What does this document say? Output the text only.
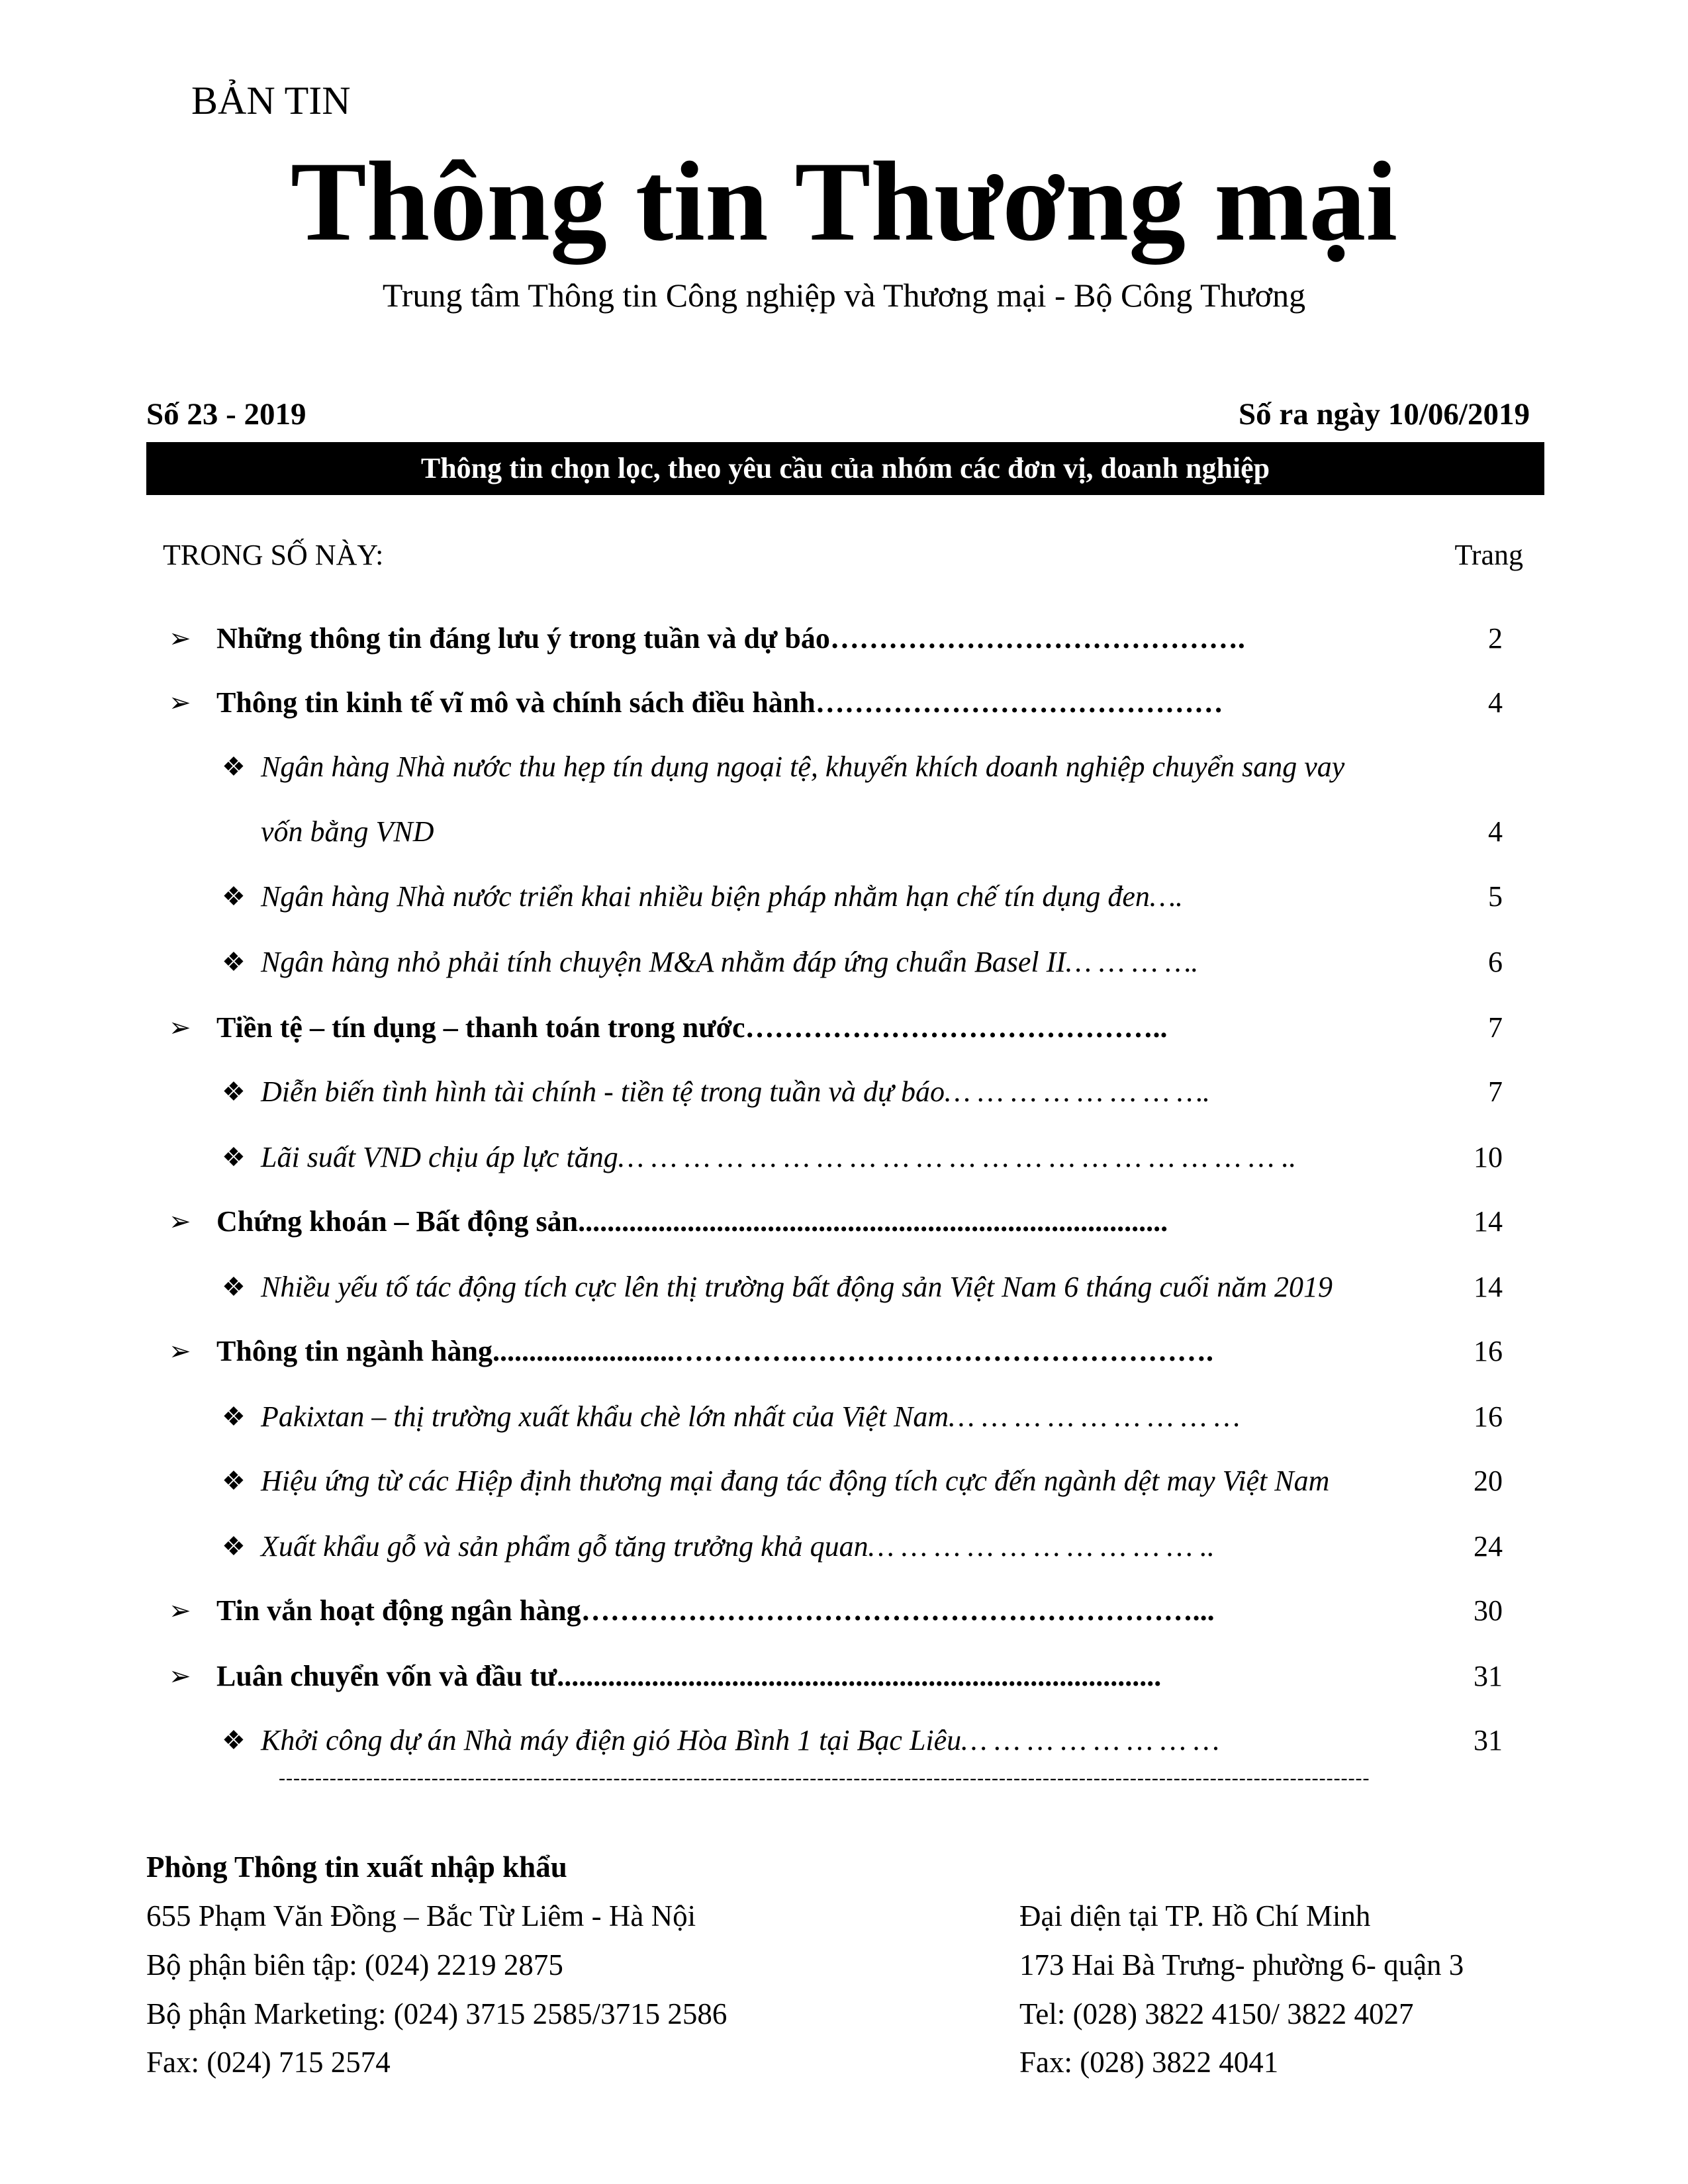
BẢN TIN
Thông tin Thương mại
Trung tâm Thông tin Công nghiệp và Thương mại - Bộ Công Thương
Số 23 - 2019	Số ra ngày 10/06/2019
Thông tin chọn lọc, theo yêu cầu của nhóm các đơn vị, doanh nghiệp
TRONG SỐ NÀY:	Trang
➢ Những thông tin đáng lưu ý trong tuần và dự báo…………………………………….	2
➢ Thông tin kinh tế vĩ mô và chính sách điều hành……………………………………	4
❖ Ngân hàng Nhà nước thu hẹp tín dụng ngoại tệ, khuyến khích doanh nghiệp chuyển sang vay
vốn bằng VND	4
❖ Ngân hàng Nhà nước triển khai nhiều biện pháp nhằm hạn chế tín dụng đen….	5
❖ Ngân hàng nhỏ phải tính chuyện M&A nhằm đáp ứng chuẩn Basel II… … … ….	6
➢ Tiền tệ – tín dụng – thanh toán trong nước……………………………………..	7
❖ Diễn biến tình hình tài chính - tiền tệ trong tuần và dự báo… … … … … … … ….	7
❖ Lãi suất VND chịu áp lực tăng… … … … … … … … … … … … … … … … … … … … ..	10
➢ Chứng khoán – Bất động sản.................................................................................	14
❖ Nhiều yếu tố tác động tích cực lên thị trường bất động sản Việt Nam 6 tháng cuối năm 2019	14
➢ Thông tin ngành hàng.........................………….…………………………………….	16
❖ Pakixtan – thị trường xuất khẩu chè lớn nhất của Việt Nam… … … … … … … … …	16
❖ Hiệu ứng từ các Hiệp định thương mại đang tác động tích cực đến ngành dệt may Việt Nam	20
❖ Xuất khẩu gỗ và sản phẩm gỗ tăng trưởng khả quan… … … … … … … … … … ..	24
➢ Tin vắn hoạt động ngân hàng………………………………………………………...	30
➢ Luân chuyển vốn và đầu tư...................................................................................	31
❖ Khởi công dự án Nhà máy điện gió Hòa Bình 1 tại Bạc Liêu… … … … … … … …	31
------------------------------------------------------------------------------------------------------------------------------------------------------
Phòng Thông tin xuất nhập khẩu
655 Phạm Văn Đồng – Bắc Từ Liêm - Hà Nội
Bộ phận biên tập: (024) 2219 2875
Bộ phận Marketing: (024) 3715 2585/3715 2586
Fax: (024) 715 2574
Đại diện tại TP. Hồ Chí Minh
173 Hai Bà Trưng- phường 6- quận 3
Tel: (028) 3822 4150/ 3822 4027
Fax: (028) 3822 4041
